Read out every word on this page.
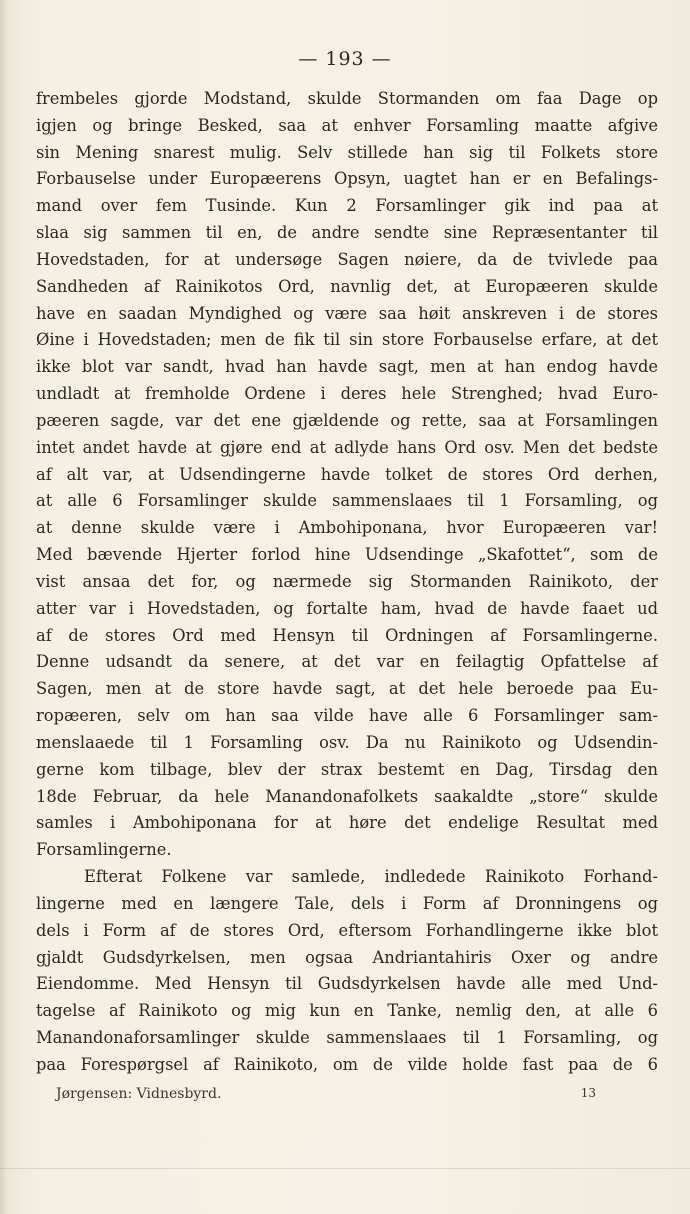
— 193 —
frembeles gjorde Modstand, skulde Stormanden om faa Dage op
igjen og bringe Besked, saa at enhver Forsamling maatte afgive
sin Mening snarest mulig. Selv stillede han sig til Folkets store
Forbauselse under Europæerens Opsyn, uagtet han er en Befalings-
mand over fem Tusinde. Kun 2 Forsamlinger gik ind paa at
slaa sig sammen til en, de andre sendte sine Repræsentanter til
Hovedstaden, for at undersøge Sagen nøiere, da de tvivlede paa
Sandheden af Rainikotos Ord, navnlig det, at Europæeren skulde
have en saadan Myndighed og være saa høit anskreven i de stores
Øine i Hovedstaden; men de fik til sin store Forbauselse erfare, at det
ikke blot var sandt, hvad han havde sagt, men at han endog havde
undladt at fremholde Ordene i deres hele Strenghed; hvad Euro-
pæeren sagde, var det ene gjældende og rette, saa at Forsamlingen
intet andet havde at gjøre end at adlyde hans Ord osv. Men det bedste
af alt var, at Udsendingerne havde tolket de stores Ord derhen,
at alle 6 Forsamlinger skulde sammenslaaes til 1 Forsamling, og
at denne skulde være i Ambohiponana, hvor Europæeren var!
Med bævende Hjerter forlod hine Udsendinge „Skafottet“, som de
vist ansaa det for, og nærmede sig Stormanden Rainikoto, der
atter var i Hovedstaden, og fortalte ham, hvad de havde faaet ud
af de stores Ord med Hensyn til Ordningen af Forsamlingerne.
Denne udsandt da senere, at det var en feilagtig Opfattelse af
Sagen, men at de store havde sagt, at det hele beroede paa Eu-
ropæeren, selv om han saa vilde have alle 6 Forsamlinger sam-
menslaaede til 1 Forsamling osv. Da nu Rainikoto og Udsendin-
gerne kom tilbage, blev der strax bestemt en Dag, Tirsdag den
18de Februar, da hele Manandonafolkets saakaldte „store“ skulde
samles i Ambohiponana for at høre det endelige Resultat med
Forsamlingerne.
Efterat Folkene var samlede, indledede Rainikoto Forhand-
lingerne med en længere Tale, dels i Form af Dronningens og
dels i Form af de stores Ord, eftersom Forhandlingerne ikke blot
gjaldt Gudsdyrkelsen, men ogsaa Andriantahiris Oxer og andre
Eiendomme. Med Hensyn til Gudsdyrkelsen havde alle med Und-
tagelse af Rainikoto og mig kun en Tanke, nemlig den, at alle 6
Manandonaforsamlinger skulde sammenslaaes til 1 Forsamling, og
paa Forespørgsel af Rainikoto, om de vilde holde fast paa de 6
Jørgensen: Vidnesbyrd.	13
